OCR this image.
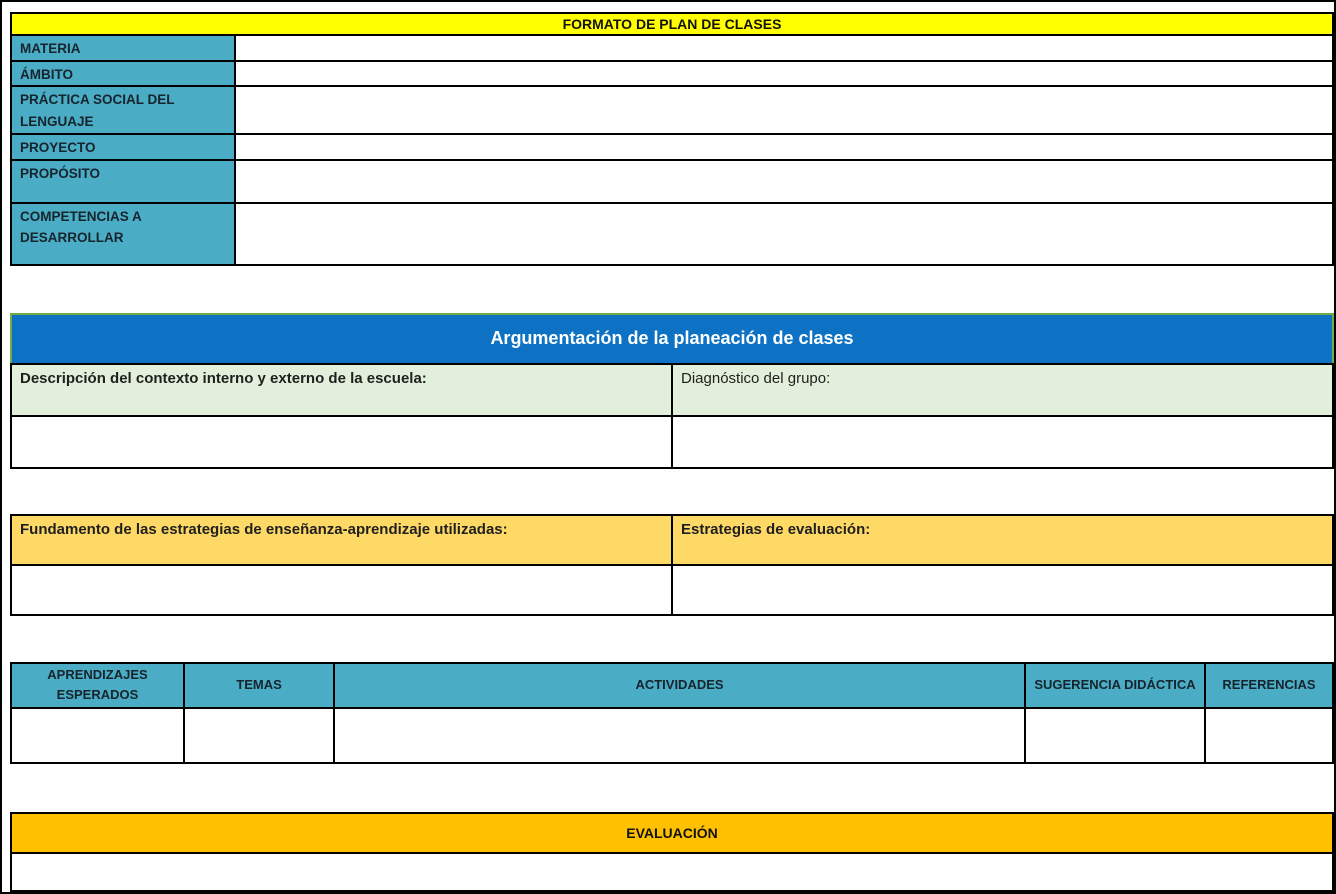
FORMATO DE PLAN DE CLASES	
MATERIA	
ÁMBITO	
PRÁCTICA SOCIAL DEL LENGUAJE	
PROYECTO	
PROPÓSITO	
COMPETENCIAS A DESARROLLAR	
Argumentación de la planeación de clases	
Descripción del contexto interno y externo de la escuela:	Diagnóstico del grupo:

Fundamento de las estrategias de enseñanza-aprendizaje utilizadas:	Estrategias de evaluación:

APRENDIZAJES ESPERADOS	TEMAS	ACTIVIDADES	SUGERENCIA DIDÁCTICA	REFERENCIAS

EVALUACIÓN
